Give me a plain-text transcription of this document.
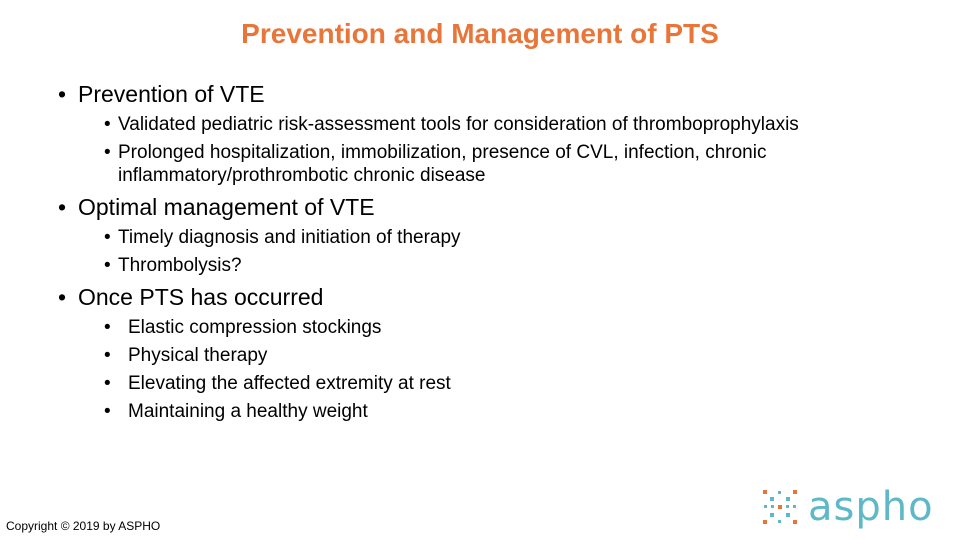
Prevention and Management of PTS
• Prevention of VTE
• Validated pediatric risk-assessment tools for consideration of thromboprophylaxis
• Prolonged hospitalization, immobilization, presence of CVL, infection, chronic inflammatory/prothrombotic chronic disease
• Optimal management of VTE
• Timely diagnosis and initiation of therapy
• Thrombolysis?
• Once PTS has occurred
• Elastic compression stockings
• Physical therapy
• Elevating the affected extremity at rest
• Maintaining a healthy weight
Copyright © 2019 by ASPHO	aspho
